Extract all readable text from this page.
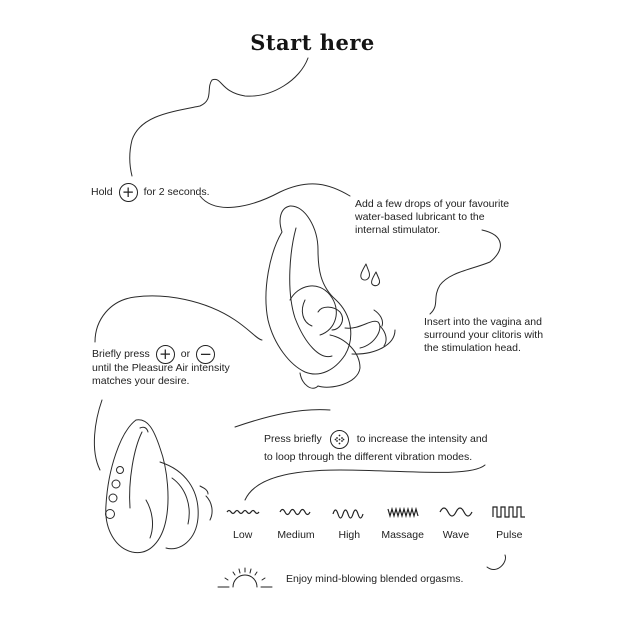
Start here
Hold + for 2 seconds.
Add a few drops of your favourite water-based lubricant to the internal stimulator.
Insert into the vagina and surround your clitoris with the stimulation head.
Briefly press + or −
until the Pleasure Air intensity matches your desire.
Press briefly	to increase the intensity and
to loop through the different vibration modes.
Low	Medium	High	Massage	Wave	Pulse
Enjoy mind-blowing blended orgasms.
